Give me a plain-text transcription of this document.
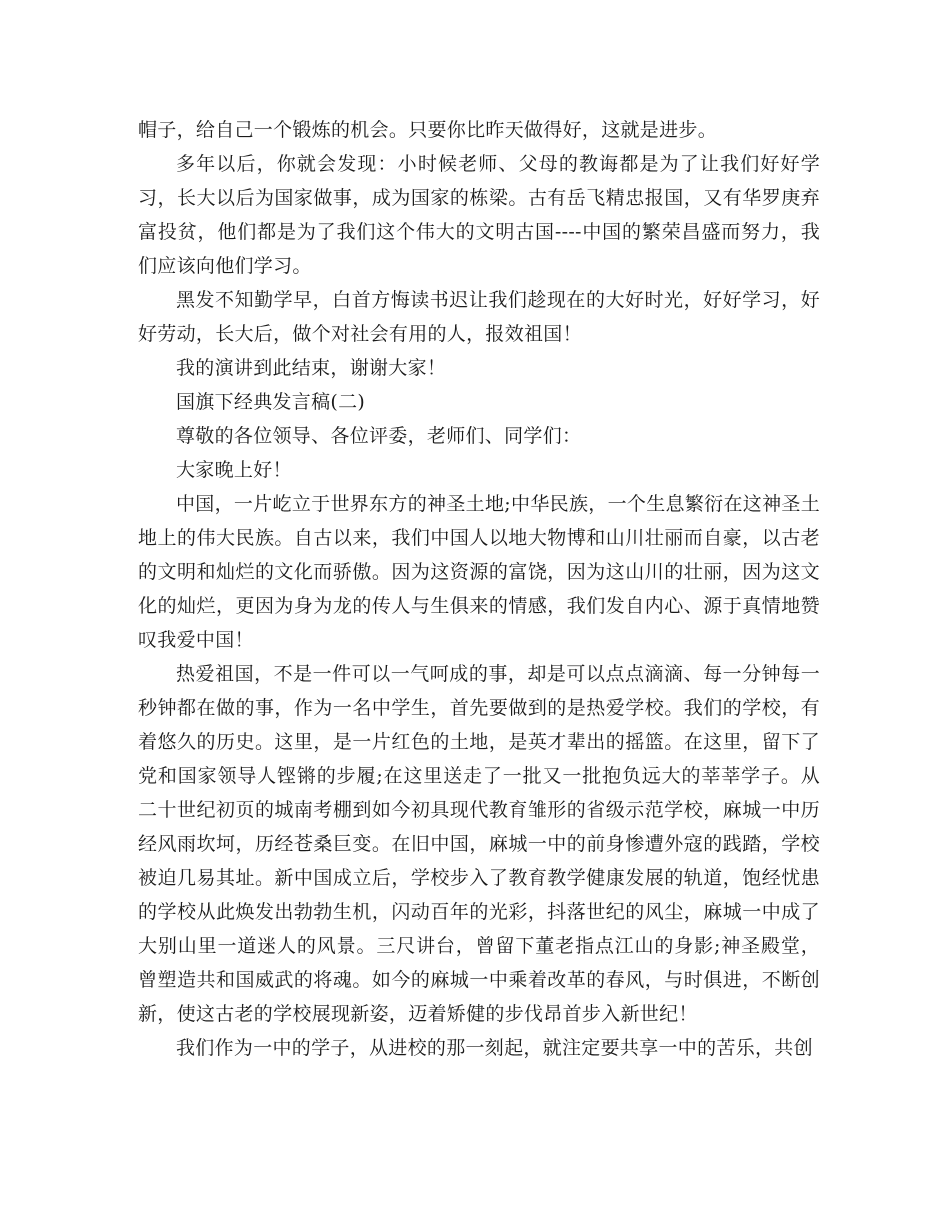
帽子，给自己一个锻炼的机会。只要你比昨天做得好，这就是进步。

多年以后，你就会发现：小时候老师、父母的教诲都是为了让我们好好学习，长大以后为国家做事，成为国家的栋梁。古有岳飞精忠报国，又有华罗庚弃富投贫，他们都是为了我们这个伟大的文明古国----中国的繁荣昌盛而努力，我们应该向他们学习。

黑发不知勤学早，白首方悔读书迟让我们趁现在的大好时光，好好学习，好好劳动，长大后，做个对社会有用的人，报效祖国！

我的演讲到此结束，谢谢大家！

国旗下经典发言稿(二)

尊敬的各位领导、各位评委，老师们、同学们：

大家晚上好！

中国，一片屹立于世界东方的神圣土地;中华民族，一个生息繁衍在这神圣土地上的伟大民族。自古以来，我们中国人以地大物博和山川壮丽而自豪，以古老的文明和灿烂的文化而骄傲。因为这资源的富饶，因为这山川的壮丽，因为这文化的灿烂，更因为身为龙的传人与生俱来的情感，我们发自内心、源于真情地赞叹我爱中国！

热爱祖国，不是一件可以一气呵成的事，却是可以点点滴滴、每一分钟每一秒钟都在做的事，作为一名中学生，首先要做到的是热爱学校。我们的学校，有着悠久的历史。这里，是一片红色的土地，是英才辈出的摇篮。在这里，留下了党和国家领导人铿锵的步履;在这里送走了一批又一批抱负远大的莘莘学子。从二十世纪初页的城南考棚到如今初具现代教育雏形的省级示范学校，麻城一中历经风雨坎坷，历经苍桑巨变。在旧中国，麻城一中的前身惨遭外寇的践踏，学校被迫几易其址。新中国成立后，学校步入了教育教学健康发展的轨道，饱经忧患的学校从此焕发出勃勃生机，闪动百年的光彩，抖落世纪的风尘，麻城一中成了大别山里一道迷人的风景。三尺讲台，曾留下董老指点江山的身影;神圣殿堂，曾塑造共和国威武的将魂。如今的麻城一中乘着改革的春风，与时俱进，不断创新，使这古老的学校展现新姿，迈着矫健的步伐昂首步入新世纪！

我们作为一中的学子，从进校的那一刻起，就注定要共享一中的苦乐，共创
